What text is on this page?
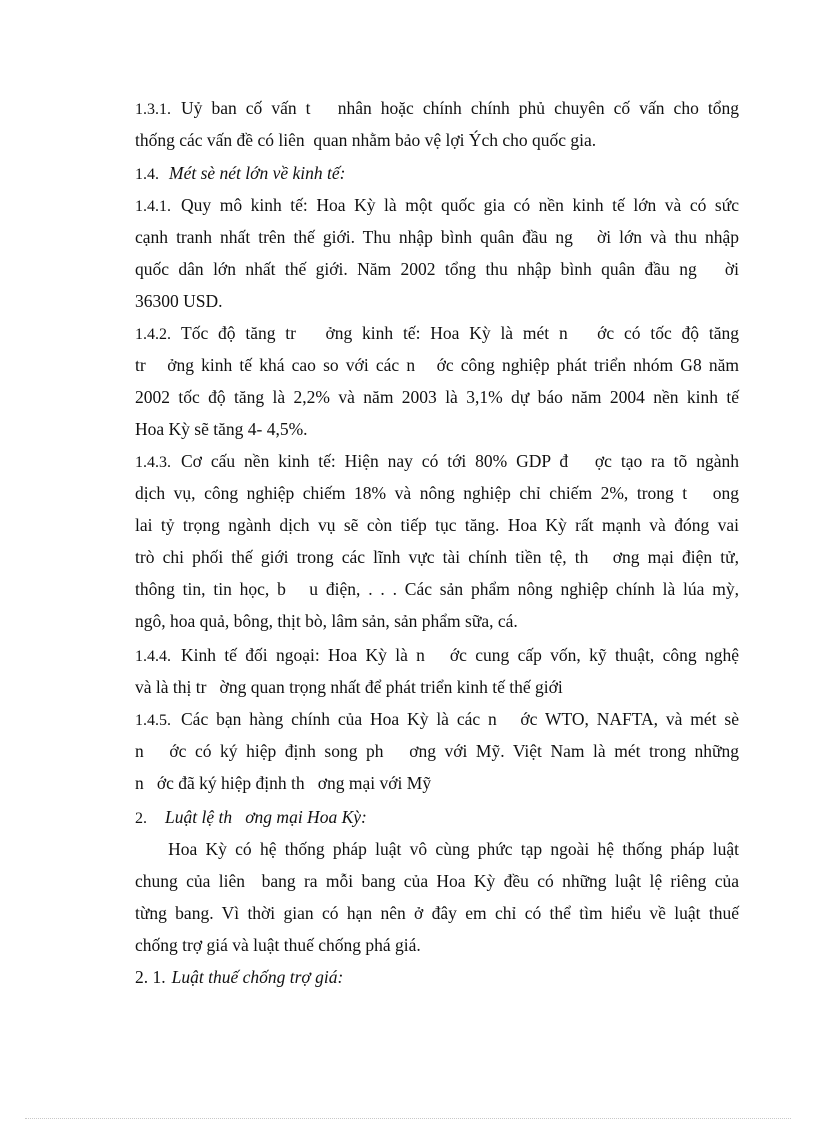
1.3.1. Uỷ ban cố vấn t   nhân hoặc chính chính phủ chuyên cố vấn cho tổng
thống các vấn đề có liên  quan nhằm bảo vệ lợi Ých cho quốc gia.
1.4. Mét sè nét lớn về kinh tế:
1.4.1. Quy mô kinh tế: Hoa Kỳ là một quốc gia có nền kinh tế lớn và có sức
cạnh tranh nhất trên thế giới. Thu nhập bình quân đầu ng   ời lớn và thu nhập
quốc dân lớn nhất thế giới. Năm 2002 tổng thu nhập bình quân đầu ng   ời
36300 USD.
1.4.2. Tốc độ tăng tr   ởng kinh tế: Hoa Kỳ là mét n   ớc có tốc độ tăng
tr   ởng kinh tế khá cao so với các n   ớc công nghiệp phát triển nhóm G8 năm
2002 tốc độ tăng là 2,2% và năm 2003 là 3,1% dự báo năm 2004 nền kinh tế
Hoa Kỳ sẽ tăng 4- 4,5%.
1.4.3. Cơ cấu nền kinh tế: Hiện nay có tới 80% GDP đ   ợc tạo ra tõ ngành
dịch vụ, công nghiệp chiếm 18% và nông nghiệp chỉ chiếm 2%, trong t   ong
lai tỷ trọng ngành dịch vụ sẽ còn tiếp tục tăng. Hoa Kỳ rất mạnh và đóng vai
trò chi phối thế giới trong các lĩnh vực tài chính tiền tệ, th   ơng mại điện tử,
thông tin, tin học, b   u điện, . . . Các sản phẩm nông nghiệp chính là lúa mỳ,
ngô, hoa quả, bông, thịt bò, lâm sản, sản phẩm sữa, cá.
1.4.4. Kinh tế đối ngoại: Hoa Kỳ là n   ớc cung cấp vốn, kỹ thuật, công nghệ
và là thị tr   ờng quan trọng nhất để phát triển kinh tế thế giới
1.4.5. Các bạn hàng chính của Hoa Kỳ là các n   ớc WTO, NAFTA, và mét sè
n   ớc có ký hiệp định song ph   ơng với Mỹ. Việt Nam là mét trong những
n   ớc đã ký hiệp định th   ơng mại với Mỹ
2. Luật lệ th   ơng mại Hoa Kỳ:
Hoa Kỳ có hệ thống pháp luật vô cùng phức tạp ngoài hệ thống pháp luật
chung của liên  bang ra mỗi bang của Hoa Kỳ đều có những luật lệ riêng của
từng bang. Vì thời gian có hạn nên ở đây em chỉ có thể tìm hiểu về luật thuế
chống trợ giá và luật thuế chống phá giá.
2. 1. Luật thuế chống trợ giá:
